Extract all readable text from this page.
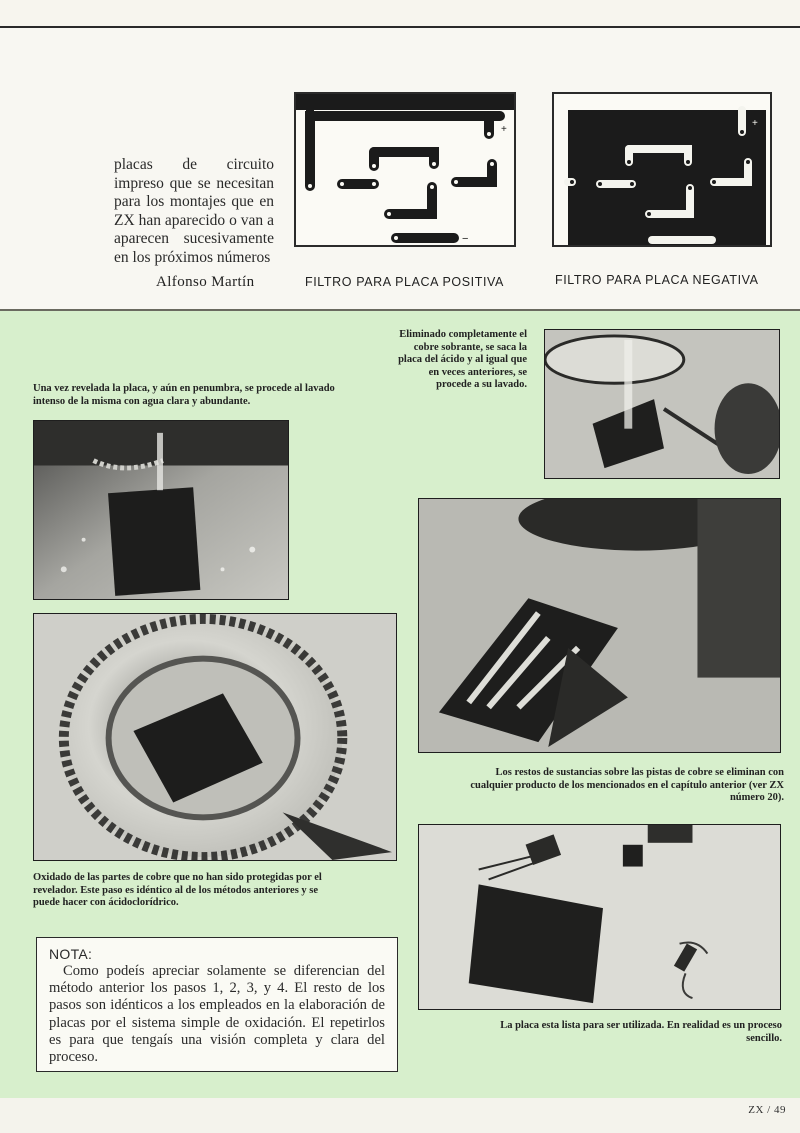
placas de circuito impreso que se necesitan para los montajes que en ZX han aparecido o van a aparecen sucesivamente en los próximos números

Alfonso Martín

+
−
+
FILTRO PARA PLACA POSITIVA	FILTRO PARA PLACA NEGATIVA
Una vez revelada la placa, y aún en penumbra, se procede al lavado intenso de la misma con agua clara y abundante.
Eliminado completamente el cobre sobrante, se saca la placa del ácido y al igual que en veces anteriores, se procede a su lavado.
Los restos de sustancias sobre las pistas de cobre se eliminan con cualquier producto de los mencionados en el capítulo anterior (ver ZX número 20).
Oxidado de las partes de cobre que no han sido protegidas por el revelador. Este paso es idéntico al de los métodos anteriores y se puede hacer con ácidoclorídrico.
La placa esta lista para ser utilizada. En realidad es un proceso sencillo.
NOTA:

Como podeís apreciar solamente se diferencian del método anterior los pasos 1, 2, 3, y 4. El resto de los pasos son idénticos a los empleados en la elaboración de placas por el sistema simple de oxidación. El repetirlos es para que tengaís una visión completa y clara del proceso.

ZX / 49
